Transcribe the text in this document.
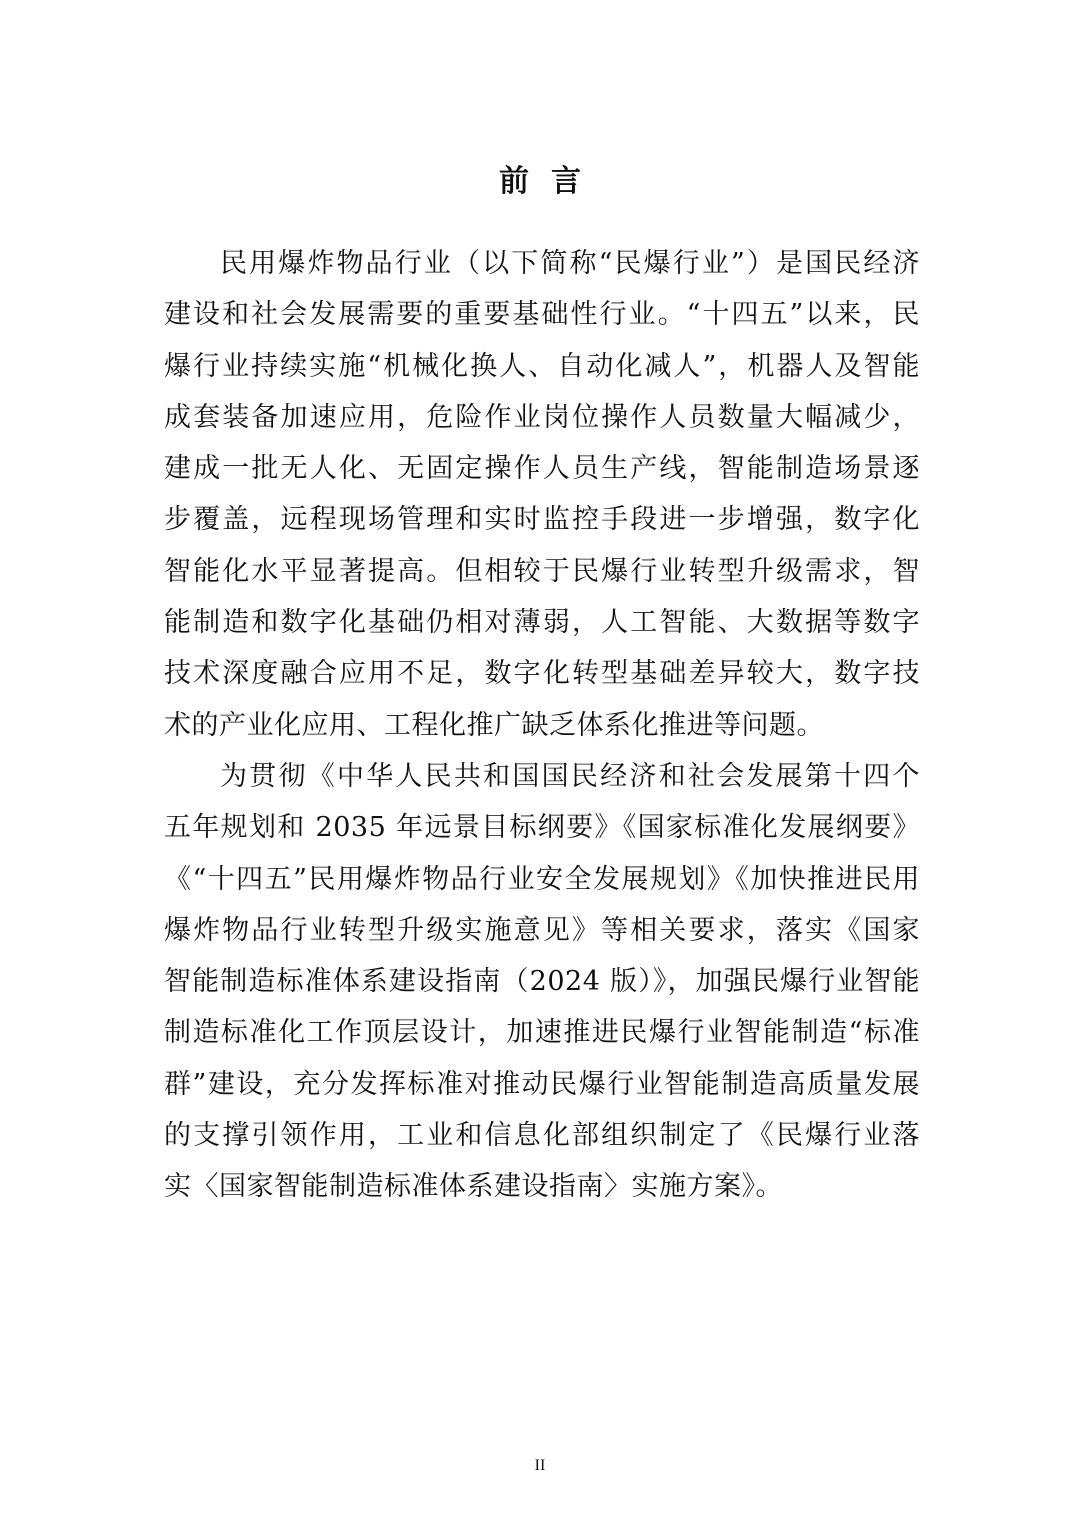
前言
民用爆炸物品行业（以下简称“民爆行业”）是国民经济
建设和社会发展需要的重要基础性行业。“十四五”以来，民
爆行业持续实施“机械化换人、自动化减人”，机器人及智能
成套装备加速应用，危险作业岗位操作人员数量大幅减少，
建成一批无人化、无固定操作人员生产线，智能制造场景逐
步覆盖，远程现场管理和实时监控手段进一步增强，数字化
智能化水平显著提高。但相较于民爆行业转型升级需求，智
能制造和数字化基础仍相对薄弱，人工智能、大数据等数字
技术深度融合应用不足，数字化转型基础差异较大，数字技
术的产业化应用、工程化推广缺乏体系化推进等问题。
为贯彻《中华人民共和国国民经济和社会发展第十四个
五年规划和 2035 年远景目标纲要》《国家标准化发展纲要》
《“十四五”民用爆炸物品行业安全发展规划》《加快推进民用
爆炸物品行业转型升级实施意见》等相关要求，落实《国家
智能制造标准体系建设指南（2024 版）》，加强民爆行业智能
制造标准化工作顶层设计，加速推进民爆行业智能制造“标准
群”建设，充分发挥标准对推动民爆行业智能制造高质量发展
的支撑引领作用，工业和信息化部组织制定了《民爆行业落
实〈国家智能制造标准体系建设指南〉实施方案》。
II
